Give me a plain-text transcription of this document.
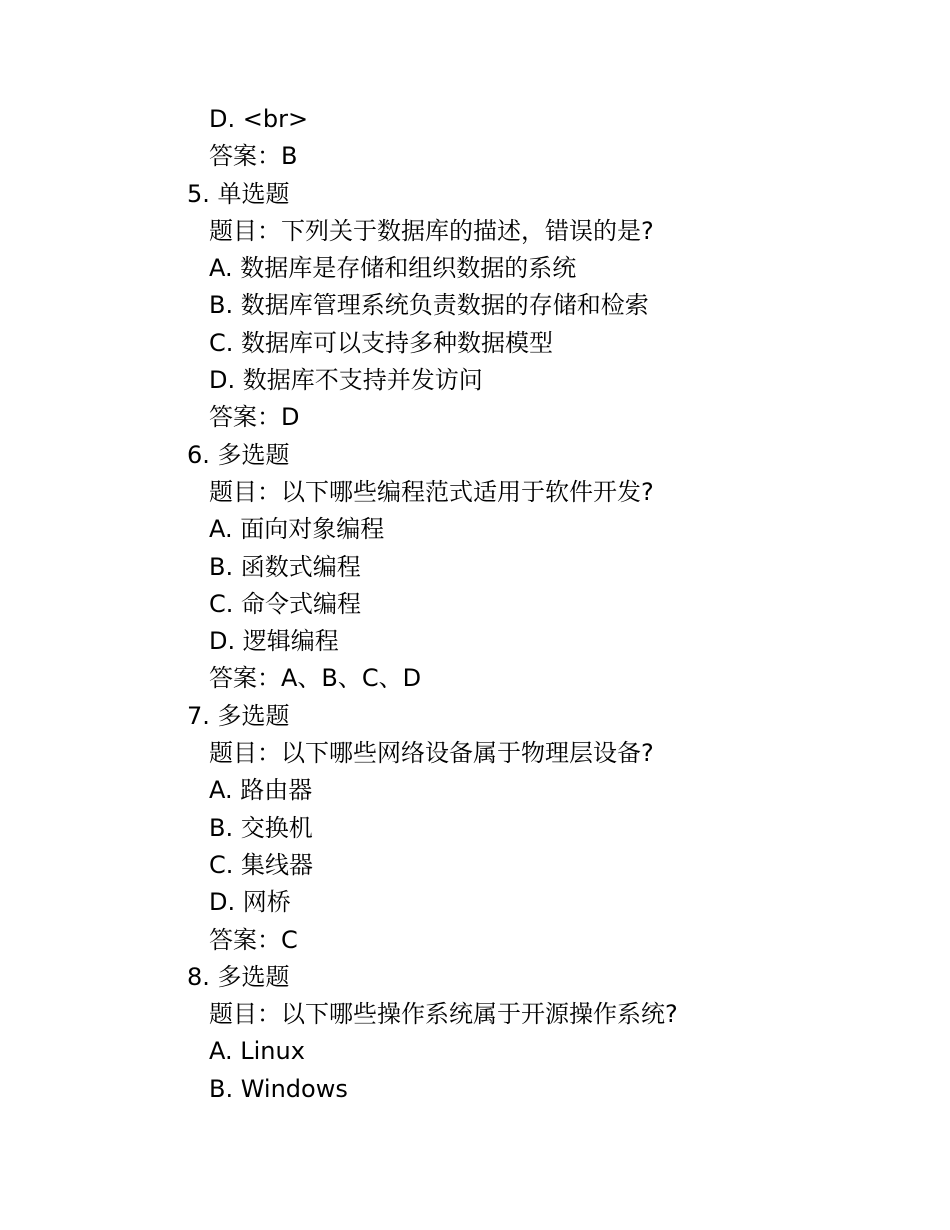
D. <br>
答案：B
5. 单选题
题目：下列关于数据库的描述，错误的是?
A. 数据库是存储和组织数据的系统
B. 数据库管理系统负责数据的存储和检索
C. 数据库可以支持多种数据模型
D. 数据库不支持并发访问
答案：D
6. 多选题
题目：以下哪些编程范式适用于软件开发?
A. 面向对象编程
B. 函数式编程
C. 命令式编程
D. 逻辑编程
答案：A、B、C、D
7. 多选题
题目：以下哪些网络设备属于物理层设备?
A. 路由器
B. 交换机
C. 集线器
D. 网桥
答案：C
8. 多选题
题目：以下哪些操作系统属于开源操作系统?
A. Linux
B. Windows
